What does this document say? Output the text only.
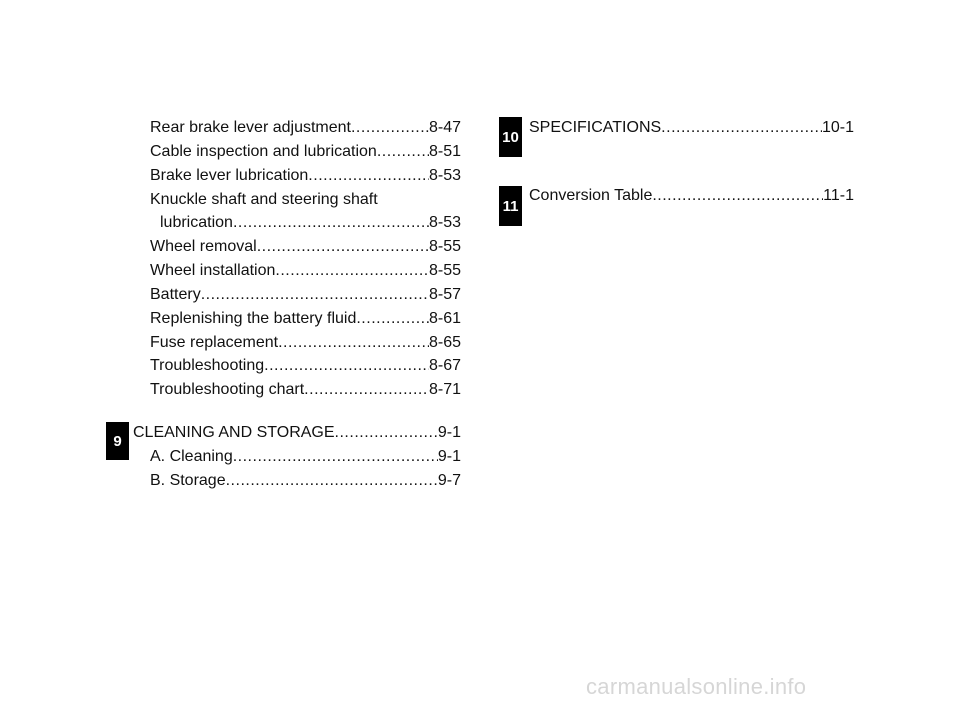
Rear brake lever adjustment .....	8-47
Cable inspection and lubrication .....	8-51
Brake lever lubrication .....	8-53
Knuckle shaft and steering shaft
lubrication .....	8-53
Wheel removal .....	8-55
Wheel installation .....	8-55
Battery .....	8-57
Replenishing the battery fluid .....	8-61
Fuse replacement .....	8-65
Troubleshooting .....	8-67
Troubleshooting chart .....	8-71
9 CLEANING AND STORAGE .....	9-1
A. Cleaning .....	9-1
B. Storage .....	9-7
10
SPECIFICATIONS .....	10-1
11
Conversion Table .....	11-1
carmanualsonline.info
